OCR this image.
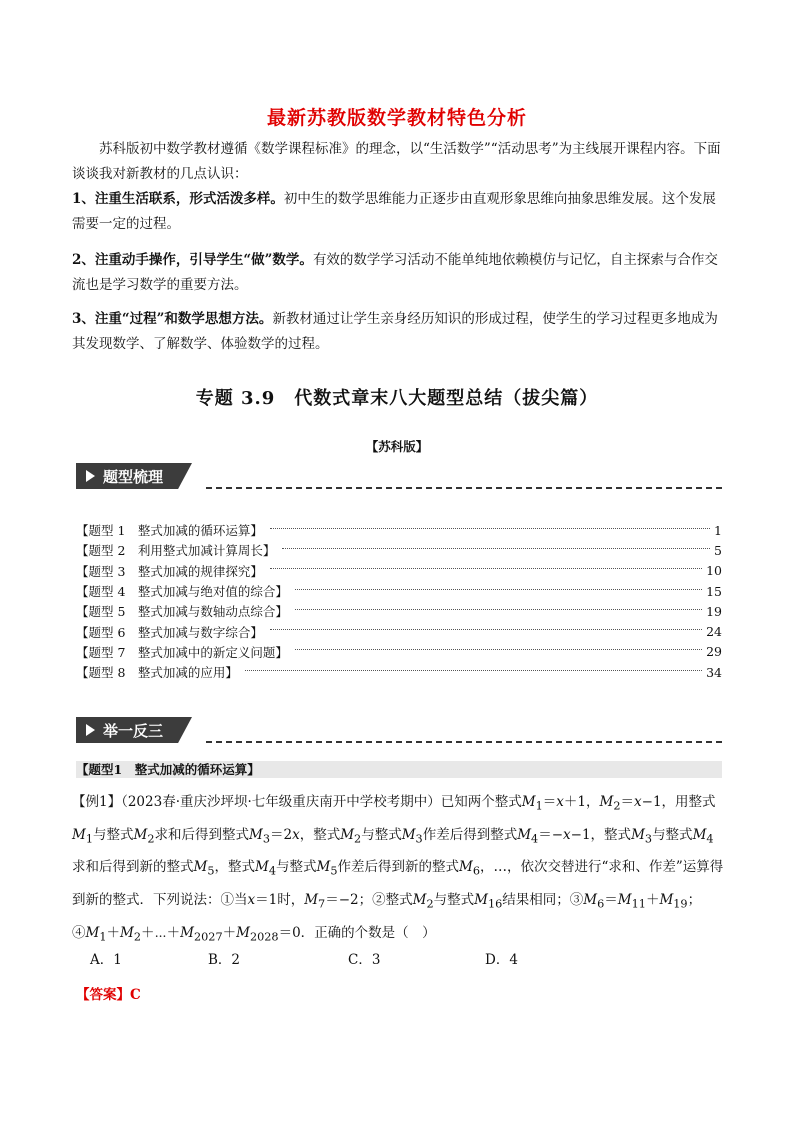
最新苏教版数学教材特色分析
苏科版初中数学教材遵循《数学课程标准》的理念，以“生活数学”“活动思考”为主线展开课程内容。下面谈谈我对新教材的几点认识：
1、注重生活联系，形式活泼多样。初中生的数学思维能力正逐步由直观形象思维向抽象思维发展。这个发展需要一定的过程。
2、注重动手操作，引导学生“做”数学。有效的数学学习活动不能单纯地依赖模仿与记忆，自主探索与合作交流也是学习数学的重要方法。
3、注重“过程”和数学思想方法。新教材通过让学生亲身经历知识的形成过程，使学生的学习过程更多地成为其发现数学、了解数学、体验数学的过程。
专题 3.9　代数式章末八大题型总结（拔尖篇）
【苏科版】
题型梳理
【题型 1　整式加减的循环运算】	1
【题型 2　利用整式加减计算周长】	5
【题型 3　整式加减的规律探究】	10
【题型 4　整式加减与绝对值的综合】	15
【题型 5　整式加减与数轴动点综合】	19
【题型 6　整式加减与数字综合】	24
【题型 7　整式加减中的新定义问题】	29
【题型 8　整式加减的应用】	34
举一反三
【题型1　整式加减的循环运算】
【例1】（2023春·重庆沙坪坝·七年级重庆南开中学校考期中）已知两个整式$M_1=x+1$，$M_2=x-1$，用整式$M_1$与整式$M_2$求和后得到整式$M_3=2x$，整式$M_2$与整式$M_3$作差后得到整式$M_4=-x-1$，整式$M_3$与整式$M_4$求和后得到新的整式$M_5$，整式$M_4$与整式$M_5$作差后得到新的整式$M_6$，…，依次交替进行“求和、作差”运算得到新的整式．下列说法：①当x＝1时，$M_7=-2$；②整式$M_2$与整式$M_{16}$结果相同；$③M_6=M_{11}+M_{19}$；$④M_1+M_2+\cdots+M_{2027}+M_{2028}=0$．正确的个数是（　）
A．1	B．2	C．3	D．4
【答案】C
